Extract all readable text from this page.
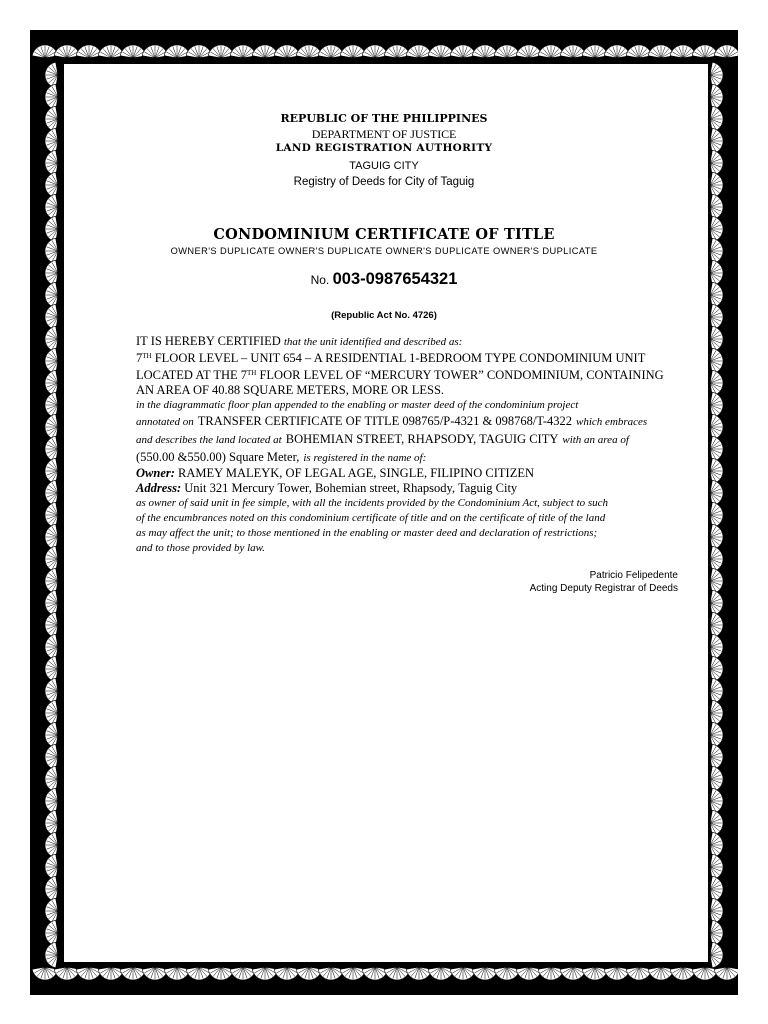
REPUBLIC OF THE PHILIPPINES
DEPARTMENT OF JUSTICE
LAND REGISTRATION AUTHORITY
TAGUIG CITY
Registry of Deeds for City of Taguig
CONDOMINIUM CERTIFICATE OF TITLE
OWNER'S DUPLICATE OWNER'S DUPLICATE OWNER'S DUPLICATE OWNER'S DUPLICATE
No. 003-0987654321
(Republic Act No. 4726)
IT IS HEREBY CERTIFIED that the unit identified and described as:
7TH FLOOR LEVEL – UNIT 654 – A RESIDENTIAL 1-BEDROOM TYPE CONDOMINIUM UNIT
LOCATED AT THE 7TH FLOOR LEVEL OF “MERCURY TOWER” CONDOMINIUM, CONTAINING
AN AREA OF 40.88 SQUARE METERS, MORE OR LESS.
in the diagrammatic floor plan appended to the enabling or master deed of the condominium project
annotated on TRANSFER CERTIFICATE OF TITLE 098765/P-4321 & 098768/T-4322 which embraces
and describes the land located at BOHEMIAN STREET, RHAPSODY, TAGUIG CITY with an area of
(550.00 &550.00) Square Meter, is registered in the name of:
Owner: RAMEY MALEYK, OF LEGAL AGE, SINGLE, FILIPINO CITIZEN
Address: Unit 321 Mercury Tower, Bohemian street, Rhapsody, Taguig City
as owner of said unit in fee simple, with all the incidents provided by the Condominium Act, subject to such
of the encumbrances noted on this condominium certificate of title and on the certificate of title of the land
as may affect the unit; to those mentioned in the enabling or master deed and declaration of restrictions;
and to those provided by law.
Patricio Felipedente
Acting Deputy Registrar of Deeds
